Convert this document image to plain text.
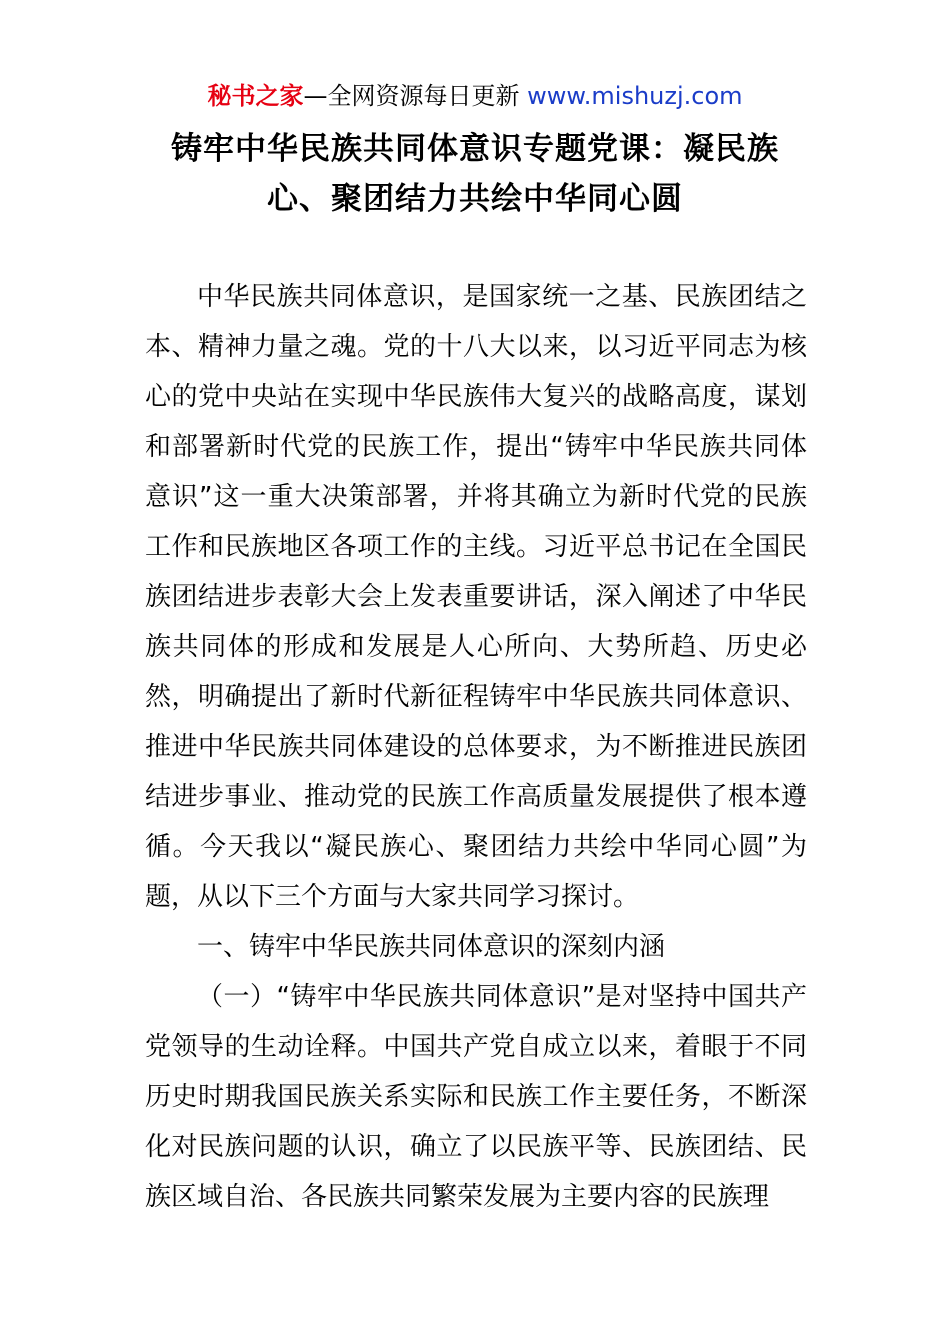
秘书之家—全网资源每日更新 www.mishuzj.com
铸牢中华民族共同体意识专题党课：凝民族
心、聚团结力共绘中华同心圆

中华民族共同体意识，是国家统一之基、民族团结之本、精神力量之魂。党的十八大以来，以习近平同志为核心的党中央站在实现中华民族伟大复兴的战略高度，谋划和部署新时代党的民族工作，提出“铸牢中华民族共同体意识”这一重大决策部署，并将其确立为新时代党的民族工作和民族地区各项工作的主线。习近平总书记在全国民族团结进步表彰大会上发表重要讲话，深入阐述了中华民族共同体的形成和发展是人心所向、大势所趋、历史必然，明确提出了新时代新征程铸牢中华民族共同体意识、推进中华民族共同体建设的总体要求，为不断推进民族团结进步事业、推动党的民族工作高质量发展提供了根本遵循。今天我以“凝民族心、聚团结力共绘中华同心圆”为题，从以下三个方面与大家共同学习探讨。

一、铸牢中华民族共同体意识的深刻内涵

（一）“铸牢中华民族共同体意识”是对坚持中国共产党领导的生动诠释。中国共产党自成立以来，着眼于不同历史时期我国民族关系实际和民族工作主要任务，不断深化对民族问题的认识，确立了以民族平等、民族团结、民族区域自治、各民族共同繁荣发展为主要内容的民族理
